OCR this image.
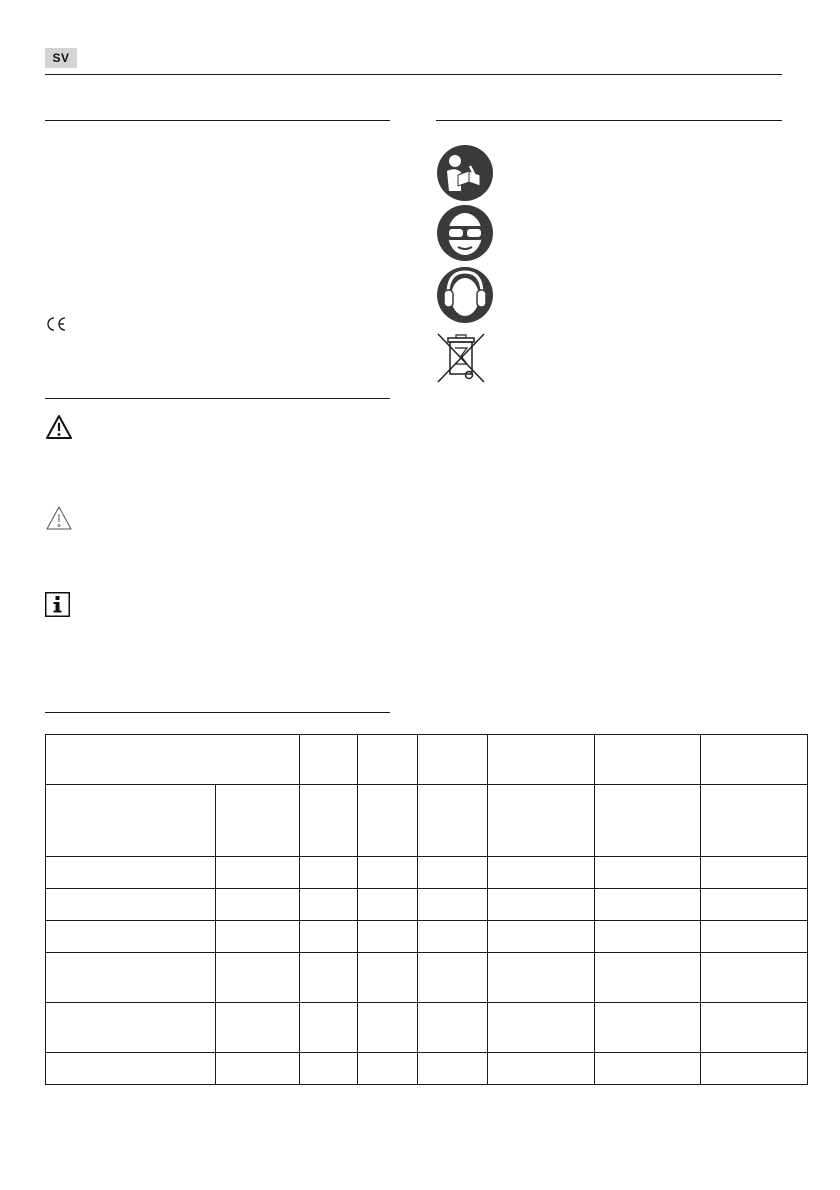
SV
